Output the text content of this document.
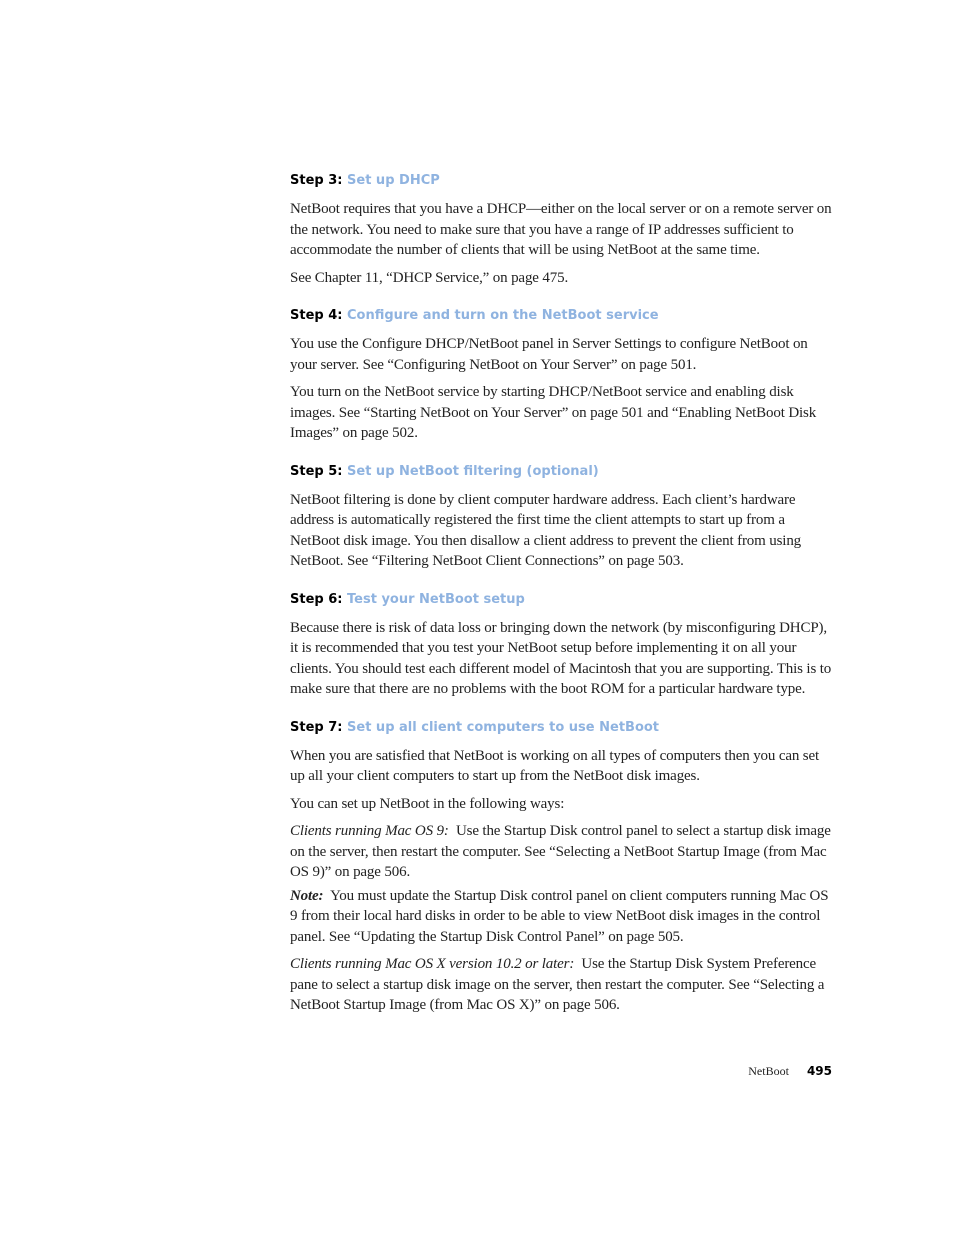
Step 3: Set up DHCP

NetBoot requires that you have a DHCP—either on the local server or on a remote server on the network. You need to make sure that you have a range of IP addresses sufficient to accommodate the number of clients that will be using NetBoot at the same time.

See Chapter 11, “DHCP Service,” on page 475.

Step 4: Configure and turn on the NetBoot service

You use the Configure DHCP/NetBoot panel in Server Settings to configure NetBoot on your server. See “Configuring NetBoot on Your Server” on page 501.

You turn on the NetBoot service by starting DHCP/NetBoot service and enabling disk images. See “Starting NetBoot on Your Server” on page 501 and “Enabling NetBoot Disk Images” on page 502.

Step 5: Set up NetBoot filtering (optional)

NetBoot filtering is done by client computer hardware address. Each client’s hardware address is automatically registered the first time the client attempts to start up from a NetBoot disk image. You then disallow a client address to prevent the client from using NetBoot. See “Filtering NetBoot Client Connections” on page 503.

Step 6: Test your NetBoot setup

Because there is risk of data loss or bringing down the network (by misconfiguring DHCP), it is recommended that you test your NetBoot setup before implementing it on all your clients. You should test each different model of Macintosh that you are supporting. This is to make sure that there are no problems with the boot ROM for a particular hardware type.

Step 7: Set up all client computers to use NetBoot

When you are satisfied that NetBoot is working on all types of computers then you can set up all your client computers to start up from the NetBoot disk images.

You can set up NetBoot in the following ways:

Clients running Mac OS 9: Use the Startup Disk control panel to select a startup disk image on the server, then restart the computer. See “Selecting a NetBoot Startup Image (from Mac OS 9)” on page 506.

Note: You must update the Startup Disk control panel on client computers running Mac OS 9 from their local hard disks in order to be able to view NetBoot disk images in the control panel. See “Updating the Startup Disk Control Panel” on page 505.

Clients running Mac OS X version 10.2 or later: Use the Startup Disk System Preference pane to select a startup disk image on the server, then restart the computer. See “Selecting a NetBoot Startup Image (from Mac OS X)” on page 506.

NetBoot 495
